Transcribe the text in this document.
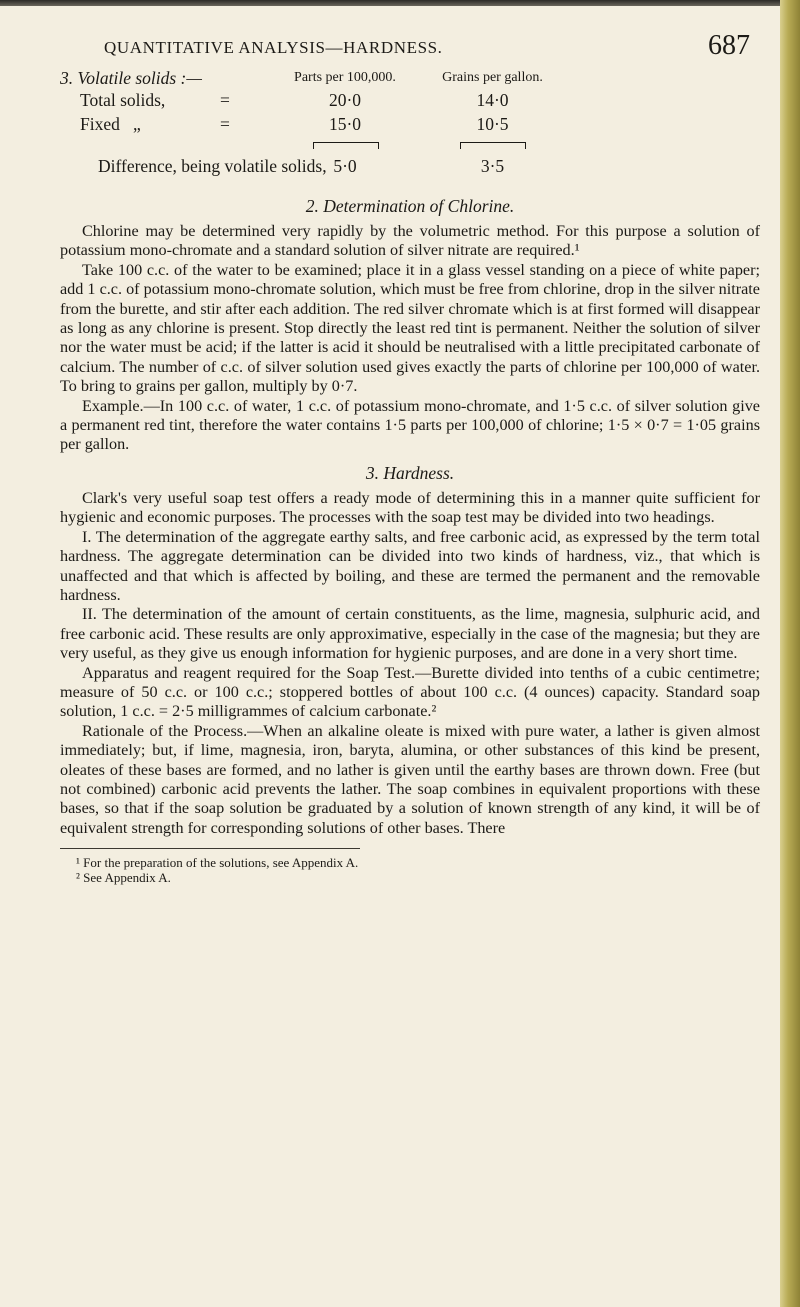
QUANTITATIVE ANALYSIS—HARDNESS.	687
3. Volatile solids :—	Parts per 100,000.	Grains per gallon.
Total solids,	=	20·0	14·0
Fixed   „	=	15·0	10·5
Difference, being volatile solids, 5·0	3·5
2. Determination of Chlorine.

Chlorine may be determined very rapidly by the volumetric method. For this purpose a solution of potassium mono-chromate and a standard solution of silver nitrate are required.¹

Take 100 c.c. of the water to be examined; place it in a glass vessel standing on a piece of white paper; add 1 c.c. of potassium mono-chromate solution, which must be free from chlorine, drop in the silver nitrate from the burette, and stir after each addition. The red silver chromate which is at first formed will disappear as long as any chlorine is present. Stop directly the least red tint is permanent. Neither the solution of silver nor the water must be acid; if the latter is acid it should be neutralised with a little precipitated carbonate of calcium. The number of c.c. of silver solution used gives exactly the parts of chlorine per 100,000 of water. To bring to grains per gallon, multiply by 0·7.

Example.—In 100 c.c. of water, 1 c.c. of potassium mono-chromate, and 1·5 c.c. of silver solution give a permanent red tint, therefore the water contains 1·5 parts per 100,000 of chlorine; 1·5 × 0·7 = 1·05 grains per gallon.

3. Hardness.

Clark's very useful soap test offers a ready mode of determining this in a manner quite sufficient for hygienic and economic purposes. The processes with the soap test may be divided into two headings.

I. The determination of the aggregate earthy salts, and free carbonic acid, as expressed by the term total hardness. The aggregate determination can be divided into two kinds of hardness, viz., that which is unaffected and that which is affected by boiling, and these are termed the permanent and the removable hardness.

II. The determination of the amount of certain constituents, as the lime, magnesia, sulphuric acid, and free carbonic acid. These results are only approximative, especially in the case of the magnesia; but they are very useful, as they give us enough information for hygienic purposes, and are done in a very short time.

Apparatus and reagent required for the Soap Test.—Burette divided into tenths of a cubic centimetre; measure of 50 c.c. or 100 c.c.; stoppered bottles of about 100 c.c. (4 ounces) capacity. Standard soap solution, 1 c.c. = 2·5 milligrammes of calcium carbonate.²

Rationale of the Process.—When an alkaline oleate is mixed with pure water, a lather is given almost immediately; but, if lime, magnesia, iron, baryta, alumina, or other substances of this kind be present, oleates of these bases are formed, and no lather is given until the earthy bases are thrown down. Free (but not combined) carbonic acid prevents the lather. The soap combines in equivalent proportions with these bases, so that if the soap solution be graduated by a solution of known strength of any kind, it will be of equivalent strength for corresponding solutions of other bases. There

¹ For the preparation of the solutions, see Appendix A.
² See Appendix A.
